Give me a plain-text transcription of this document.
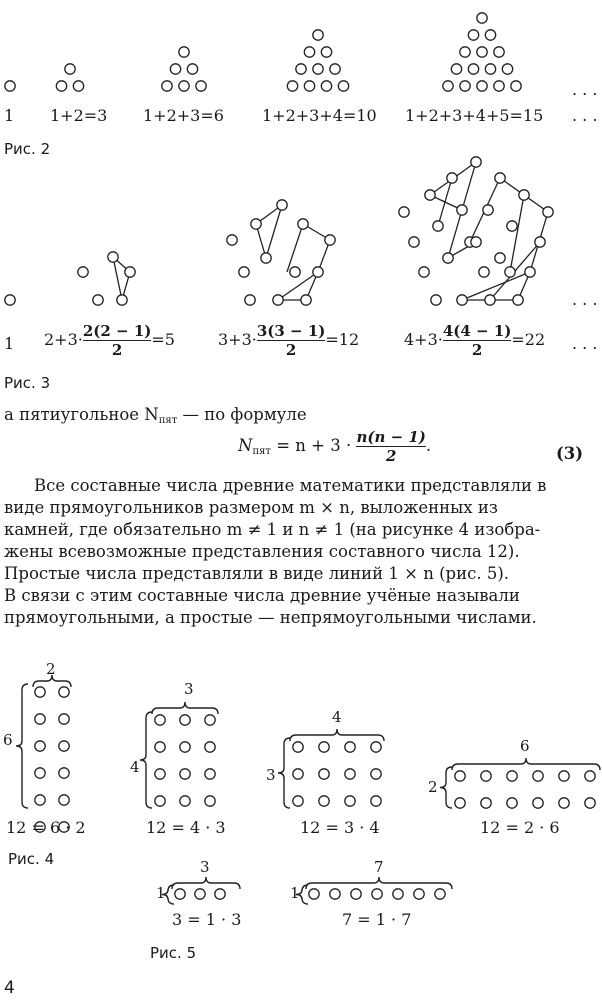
1 1+2=3 1+2+3=6 1+2+3+4=10 1+2+3+4+5=15 . . .
. . .
Рис. 2
1 $2+3\cdot \frac{2(2 - 1)}{2} =5$	$3+3\cdot \frac{3(3 - 1)}{2} =12$	$4+3\cdot \frac{4(4 - 1)}{2} =22$ . . .
. . .
Рис. 3
а пятиугольное $N_{пят}$ — по формуле
$N_{пят} = n + 3 \cdot \frac{n(n - 1)}{2}$ .	(3)
Все составные числа древние математики представляли в
виде прямоугольников размером m × n, выложенных из
камней, где обязательно m ≠ 1 и n ≠ 1 (на рисунке 4 изобра-
жены всевозможные представления составного числа 12).
Простые числа представляли в виде линий 1 × n (рис. 5).
В связи с этим составные числа древние учёные называли
прямоугольными, а простые — непрямоугольными числами.
2
6
12 = 6 · 2
3
4
12 = 4 · 3
4
3
12 = 3 · 4
6
2
12 = 2 · 6
Рис. 4	3
1
3 = 1 · 3
7
1
7 = 1 · 7
Рис. 5
4
